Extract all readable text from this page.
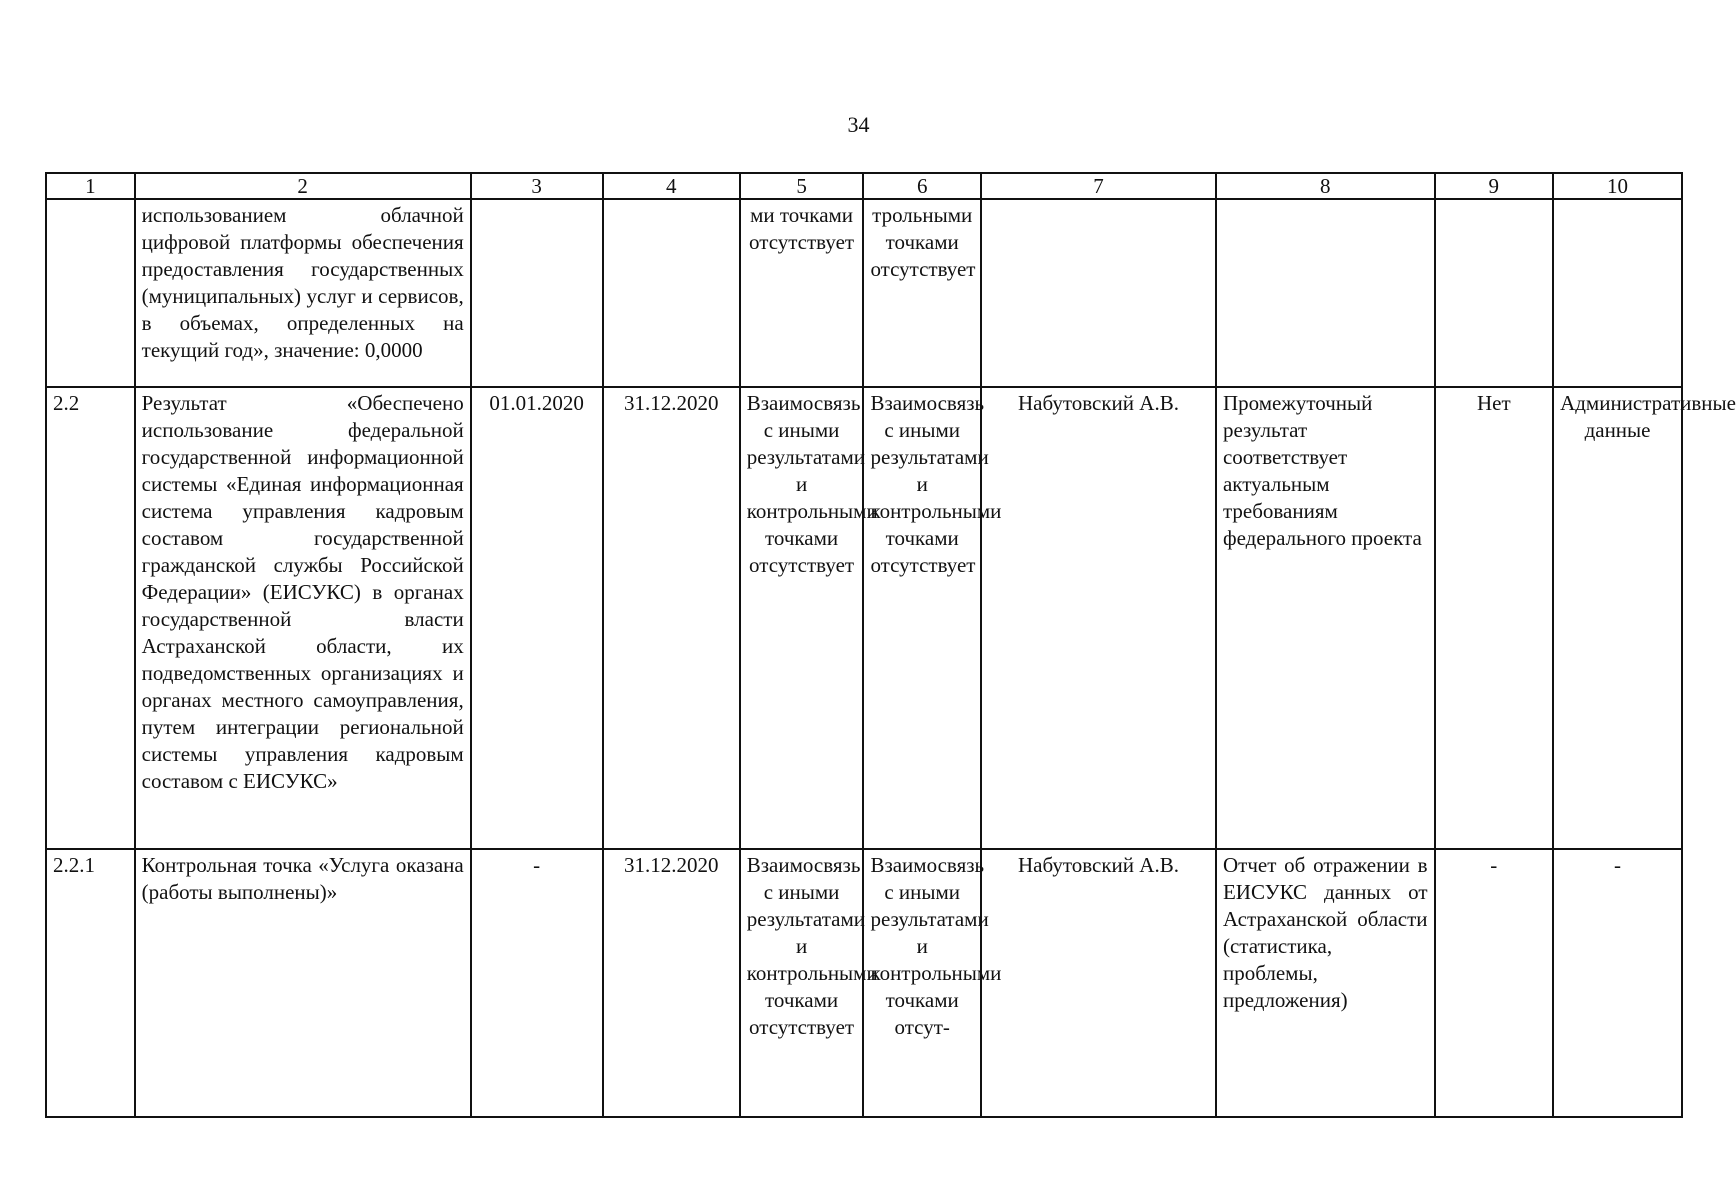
34
1	2	3	4	5	6	7	8	9	10
	использованием облачной цифровой платформы обеспечения предоставления государственных (муниципальных) услуг и сервисов, в объемах, определенных на текущий год», значение: 0,0000			ми точками отсутствует	трольными точками отсутствует				
2.2	Результат «Обеспечено использование федеральной государственной информационной системы «Единая информационная система управления кадровым составом государственной гражданской службы Российской Федерации» (ЕИСУКС) в органах государственной власти Астраханской области, их подведомственных организациях и органах местного самоуправления, путем интеграции региональной системы управления кадровым составом с ЕИСУКС»	01.01.2020	31.12.2020	Взаимосвязь с иными результатами и контрольными точками отсутствует	Взаимосвязь с иными результатами и контрольными точками отсутствует	Набутовский А.В.	Промежуточный результат соответствует актуальным требованиям федерального проекта	Нет	Административные данные
2.2.1	Контрольная точка «Услуга оказана (работы выполнены)»	-	31.12.2020	Взаимосвязь с иными результатами и контрольными точками отсутствует	Взаимосвязь с иными результатами и контрольными точками отсут-	Набутовский А.В.	Отчет об отражении в ЕИСУКС данных от Астраханской области (статистика, проблемы, предложения)	-	-
